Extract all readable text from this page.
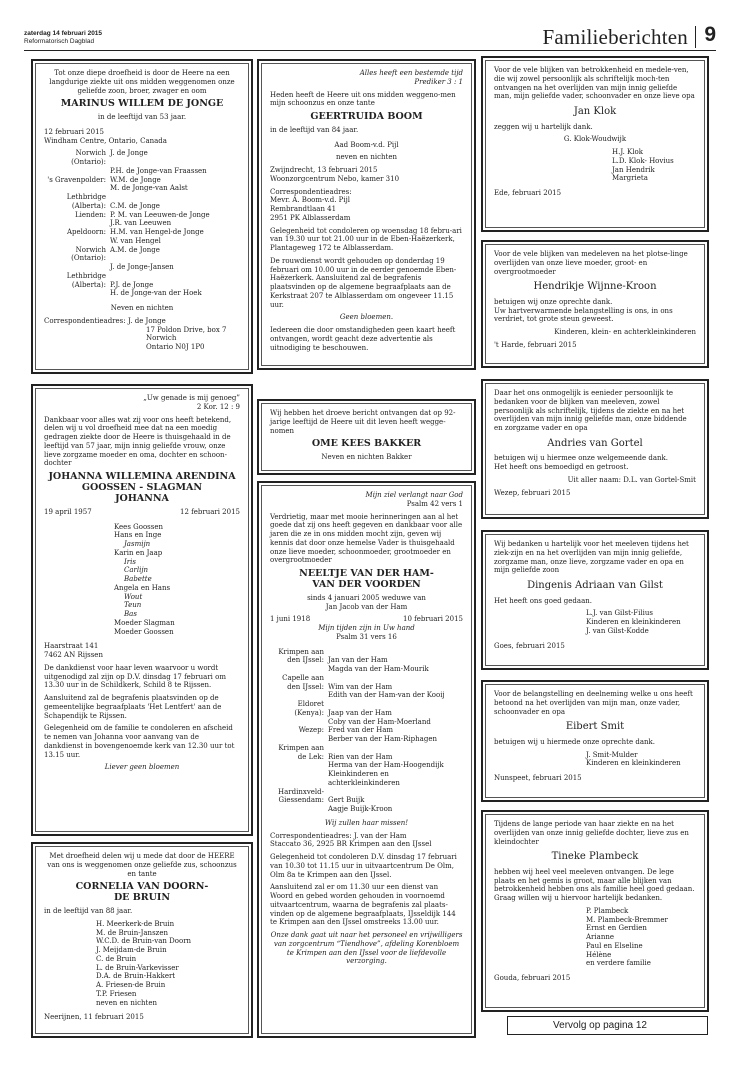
zaterdag 14 februari 2015
Reformatorisch Dagblad	Familieberichten 9

Tot onze diepe droefheid is door de Heere na een langdurige ziekte uit ons midden weggenomen onze geliefde zoon, broer, zwager en oom

MARINUS WILLEM DE JONGE

in de leeftijd van 53 jaar.

12 februari 2015

Windham Centre, Ontario, Canada

Norwich (Ontario):
J. de Jonge
P.H. de Jonge-van Fraassen
's Gravenpolder: W.M. de Jonge
M. de Jonge-van Aalst
Lethbridge
(Alberta): C.M. de Jonge
Lienden: P. M. van Leeuwen-de Jonge
J.R. van Leeuwen
Apeldoorn: H.M. van Hengel-de Jonge
W. van Hengel
Norwich (Ontario):
A.M. de Jonge
J. de Jonge-Jansen
Lethbridge
(Alberta): P.J. de Jonge
H. de Jonge-van der Hoek

Neven en nichten

Correspondentieadres: J. de Jonge
17 Poldon Drive, box 7
Norwich
Ontario N0J 1P0
„Uw genade is mij genoeg”

2 Kor. 12 : 9

Dankbaar voor alles wat zij voor ons heeft betekend, delen wij u vol droefheid mee dat na een moedig gedragen ziekte door de Heere is thuisgehaald in de leeftijd van 57 jaar, mijn innig geliefde vrouw, onze lieve zorgzame moeder en oma, dochter en schoon-dochter

JOHANNA WILLEMINA ARENDINA
GOOSSEN - SLAGMAN
JOHANNA
19 april 1957	12 februari 2015
Kees Goossen
Hans en Inge
Jasmijn
Karin en Jaap
Iris
Carlijn
Babette
Angela en Hans
Wout
Teun
Bas
Moeder Slagman
Moeder Goossen
Haarstraat 141
7462 AN Rijssen

De dankdienst voor haar leven waarvoor u wordt uitgenodigd zal zijn op D.V. dinsdag 17 februari om 13.30 uur in de Schildkerk, Schild 8 te Rijssen.

Aansluitend zal de begrafenis plaatsvinden op de gemeentelijke begraafplaats 'Het Lentfert' aan de Schapendijk te Rijssen.

Gelegenheid om de familie te condoleren en afscheid te nemen van Johanna voor aanvang van de dankdienst in bovengenoemde kerk van 12.30 uur tot 13.15 uur.

Liever geen bloemen

Met droefheid delen wij u mede dat door de HEERE van ons is weggenomen onze geliefde zus, schoonzus en tante

CORNELIA VAN DOORN-
DE BRUIN

in de leeftijd van 88 jaar.

H. Meerkerk-de Bruin
M. de Bruin-Janszen
W.C.D. de Bruin-van Doorn
J. Meijdam-de Bruin
C. de Bruin
L. de Bruin-Varkevisser
D.A. de Bruin-Hakkert
A. Friesen-de Bruin
T.P. Friesen
neven en nichten
Neerijnen, 11 februari 2015
Alles heeft een bestemde tijd

Prediker 3 : 1

Heden heeft de Heere uit ons midden weggeno-men mijn schoonzus en onze tante

GEERTRUIDA BOOM

in de leeftijd van 84 jaar.

Aad Boom-v.d. Pijl

neven en nichten

Zwijndrecht, 13 februari 2015
Woonzorgcentrum Nebo, kamer 310

Correspondentieadres:
Mevr. A. Boom-v.d. Pijl
Rembrandtlaan 41
2951 PK Alblasserdam

Gelegenheid tot condoleren op woensdag 18 febru-ari van 19.30 uur tot 21.00 uur in de Eben-Haëzerkerk, Plantageweg 172 te Alblasserdam.

De rouwdienst wordt gehouden op donderdag 19 februari om 10.00 uur in de eerder genoemde Eben-Haëzerkerk. Aansluitend zal de begrafenis plaatsvinden op de algemene begraafplaats aan de Kerkstraat 207 te Alblasserdam om ongeveer 11.15 uur.

Geen bloemen.

Iedereen die door omstandigheden geen kaart heeft ontvangen, wordt geacht deze advertentie als uitnodiging te beschouwen.

Wij hebben het droeve bericht ontvangen dat op 92-jarige leeftijd de Heere uit dit leven heeft wegge-nomen

OME KEES BAKKER

Neven en nichten Bakker

Mijn ziel verlangt naar God

Psalm 42 vers 1

Verdrietig, maar met mooie herinneringen aan al het goede dat zij ons heeft gegeven en dankbaar voor alle jaren die ze in ons midden mocht zijn, geven wij kennis dat door onze hemelse Vader is thuisgehaald onze lieve moeder, schoonmoeder, grootmoeder en overgrootmoeder

NEELTJE VAN DER HAM-
VAN DER VOORDEN
sinds 4 januari 2005 weduwe van

Jan Jacob van der Ham

1 juni 1918	10 februari 2015
Mijn tijden zijn in Uw hand

Psalm 31 vers 16

Krimpen aan
den IJssel: Jan van der Ham
Magda van der Ham-Mourik
Capelle aan
den IJssel: Wim van der Ham
Edith van der Ham-van der Kooij
Eldoret
(Kenya): Jaap van der Ham
Coby van der Ham-Moerland
Wezep: Fred van der Ham
Berber van der Ham-Riphagen
Krimpen aan
de Lek: Rien van der Ham
Herma van der Ham-Hoogendijk
Kleinkinderen en
achterkleinkinderen
Hardinxveld-
Giessendam: Gert Buijk
Aagje Buijk-Kroon

Wij zullen haar missen!

Correspondentieadres: J. van der Ham
Staccato 36, 2925 BR Krimpen aan den IJssel

Gelegenheid tot condoleren D.V. dinsdag 17 februari van 10.30 tot 11.15 uur in uitvaartcentrum De Olm, Olm 8a te Krimpen aan den IJssel.

Aansluitend zal er om 11.30 uur een dienst van Woord en gebed worden gehouden in voornoemd uitvaartcentrum, waarna de begrafenis zal plaats-vinden op de algemene begraafplaats, IJsseldijk 144 te Krimpen aan den IJssel omstreeks 13.00 uur.

Onze dank gaat uit naar het personeel en vrijwilligers van zorgcentrum “Tiendhove”, afdeling Korenbloem te Krimpen aan den IJssel voor de liefdevolle verzorging.

Voor de vele blijken van betrokkenheid en medele-ven, die wij zowel persoonlijk als schriftelijk moch-ten ontvangen na het overlijden van mijn innig geliefde man, mijn geliefde vader, schoonvader en onze lieve opa

Jan Klok

zeggen wij u hartelijk dank.

G. Klok-Woudwijk

H.J. Klok
L.D. Klok- Hovius
Jan Hendrik
Margrieta
Ede, februari 2015

Voor de vele blijken van medeleven na het plotse-linge overlijden van onze lieve moeder, groot- en overgrootmoeder

Hendrikje Wijnne-Kroon
betuigen wij onze oprechte dank.

Uw hartverwarmende belangstelling is ons, in ons verdriet, tot grote steun geweest.

Kinderen, klein- en achterkleinkinderen

't Harde, februari 2015

Daar het ons onmogelijk is eenieder persoonlijk te bedanken voor de blijken van meeleven, zowel persoonlijk als schriftelijk, tijdens de ziekte en na het overlijden van mijn innig geliefde man, onze biddende en zorgzame vader en opa

Andries van Gortel
betuigen wij u hiermee onze welgemeende dank.

Het heeft ons bemoedigd en getroost.

Uit aller naam: D.L. van Gortel-Smit

Wezep, februari 2015

Wij bedanken u hartelijk voor het meeleven tijdens het ziek-zijn en na het overlijden van mijn innig geliefde, zorgzame man, onze lieve, zorgzame vader en opa en mijn geliefde zoon

Dingenis Adriaan van Gilst

Het heeft ons goed gedaan.

L.J. van Gilst-Filius
Kinderen en kleinkinderen
J. van Gilst-Kodde
Goes, februari 2015

Voor de belangstelling en deelneming welke u ons heeft betoond na het overlijden van mijn man, onze vader, schoonvader en opa

Eibert Smit

betuigen wij u hiermede onze oprechte dank.

J. Smit-Mulder
Kinderen en kleinkinderen
Nunspeet, februari 2015

Tijdens de lange periode van haar ziekte en na het overlijden van onze innig geliefde dochter, lieve zus en kleindochter

Tineke Plambeck

hebben wij heel veel meeleven ontvangen. De lege plaats en het gemis is groot, maar alle blijken van betrokkenheid hebben ons als familie heel goed gedaan. Graag willen wij u hiervoor hartelijk bedanken.

P. Plambeck
M. Plambeck-Bremmer
Ernst en Gerdien
Arianne
Paul en Elseline
Hélène
en verdere familie
Gouda, februari 2015
Vervolg op pagina 12
